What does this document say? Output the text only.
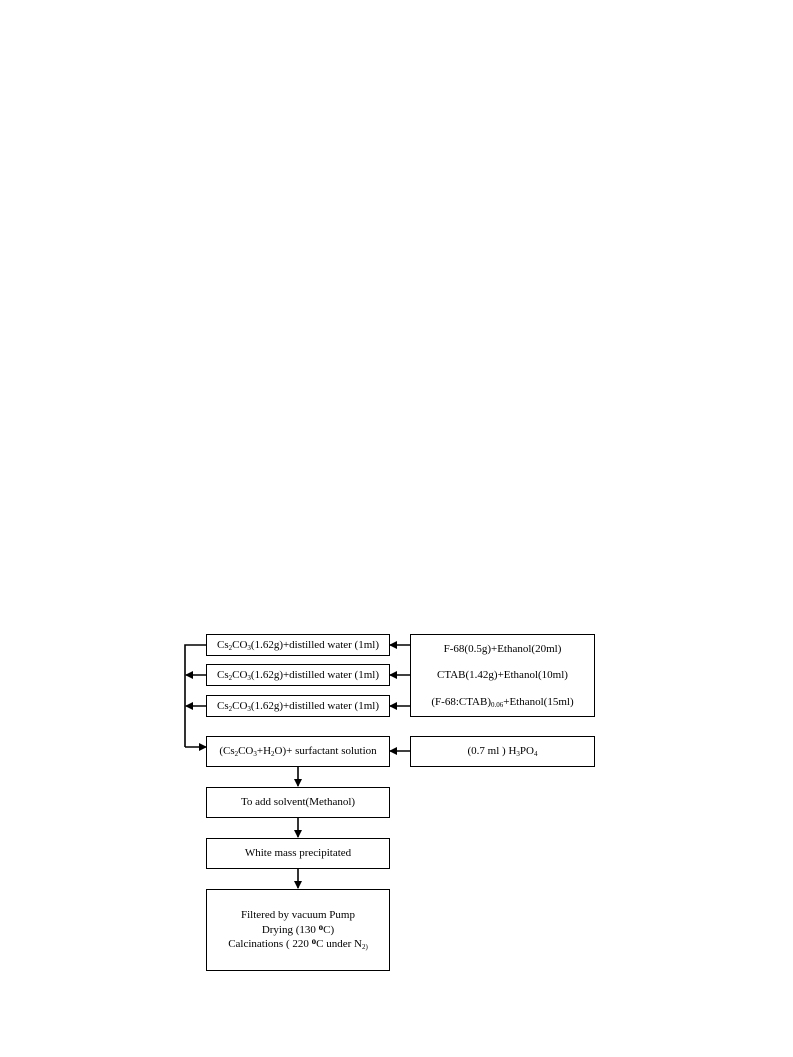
$Cs_2CO_3(1.62g)+distilled$ water (1ml)
$Cs_2CO_3(1.62g)+distilled$ water (1ml)
$Cs_2CO_3(1.62g)+distilled$ water (1ml)
F-68(0.5g)+Ethanol(20ml)
CTAB(1.42g)+Ethanol(10ml)
$(F-68:CTAB)_{0.06}+Ethanol(15ml)$
$(Cs_2CO_3+H_2O)+$ surfactant solution	(0.7 ml ) $H_3PO_4$
To add solvent(Methanol)
White mass precipitated
Filtered by vacuum Pump
Drying (130 $^o$C)
Calcinations ( 220 $^o$C under $N_{2)}$
